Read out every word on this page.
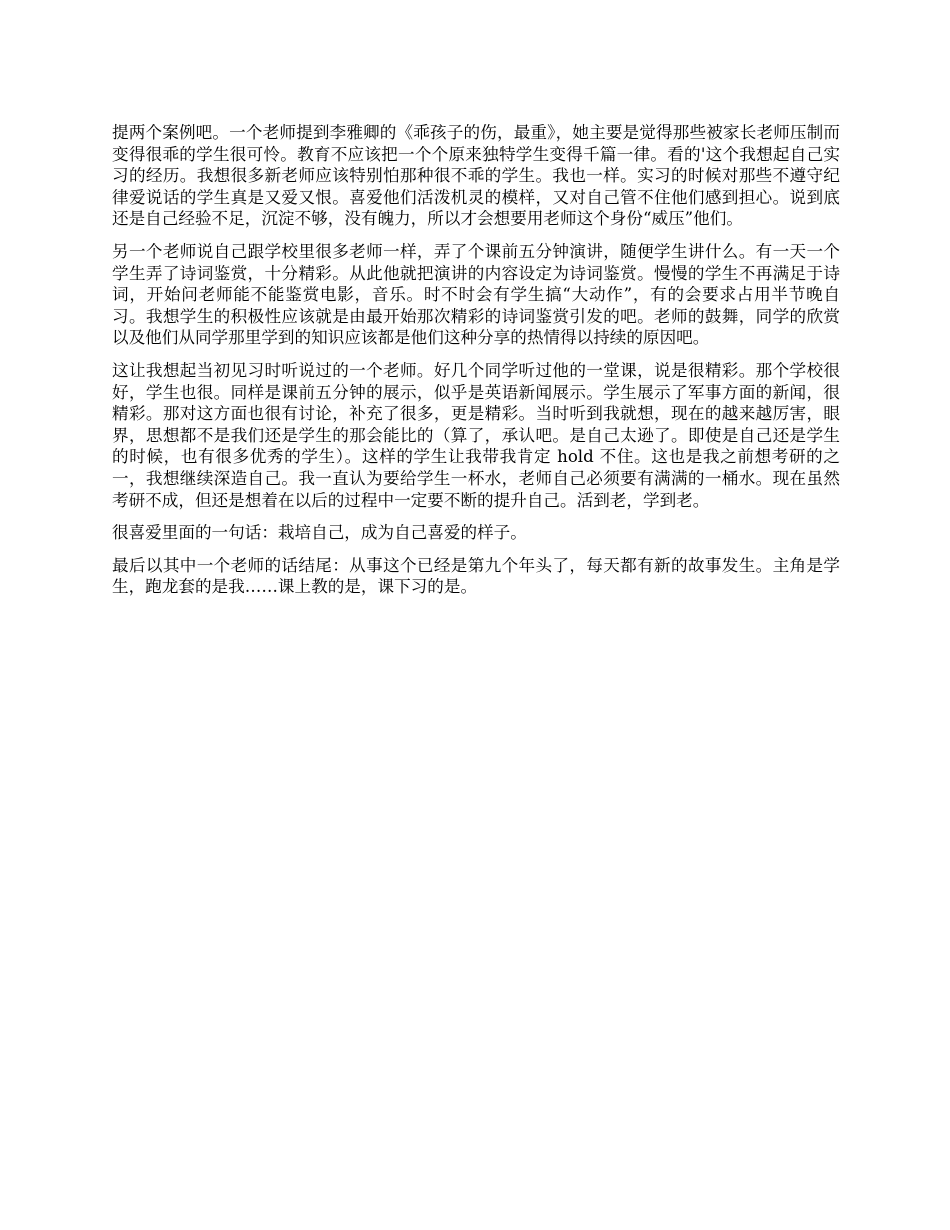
提两个案例吧。一个老师提到李雅卿的《乖孩子的伤，最重》，她主要是觉得那些被家长老师压制而变得很乖的学生很可怜。教育不应该把一个个原来独特学生变得千篇一律。看的'这个我想起自己实习的经历。我想很多新老师应该特别怕那种很不乖的学生。我也一样。实习的时候对那些不遵守纪律爱说话的学生真是又爱又恨。喜爱他们活泼机灵的模样，又对自己管不住他们感到担心。说到底还是自己经验不足，沉淀不够，没有魄力，所以才会想要用老师这个身份“威压”他们。

另一个老师说自己跟学校里很多老师一样，弄了个课前五分钟演讲，随便学生讲什么。有一天一个学生弄了诗词鉴赏，十分精彩。从此他就把演讲的内容设定为诗词鉴赏。慢慢的学生不再满足于诗词，开始问老师能不能鉴赏电影，音乐。时不时会有学生搞“大动作”，有的会要求占用半节晚自习。我想学生的积极性应该就是由最开始那次精彩的诗词鉴赏引发的吧。老师的鼓舞，同学的欣赏以及他们从同学那里学到的知识应该都是他们这种分享的热情得以持续的原因吧。

这让我想起当初见习时听说过的一个老师。好几个同学听过他的一堂课，说是很精彩。那个学校很好，学生也很。同样是课前五分钟的展示，似乎是英语新闻展示。学生展示了军事方面的新闻，很精彩。那对这方面也很有讨论，补充了很多，更是精彩。当时听到我就想，现在的越来越厉害，眼界，思想都不是我们还是学生的那会能比的（算了，承认吧。是自己太逊了。即使是自己还是学生的时候，也有很多优秀的学生）。这样的学生让我带我肯定 hold 不住。这也是我之前想考研的之一，我想继续深造自己。我一直认为要给学生一杯水，老师自己必须要有满满的一桶水。现在虽然考研不成，但还是想着在以后的过程中一定要不断的提升自己。活到老，学到老。

很喜爱里面的一句话：栽培自己，成为自己喜爱的样子。

最后以其中一个老师的话结尾：从事这个已经是第九个年头了，每天都有新的故事发生。主角是学生，跑龙套的是我……课上教的是，课下习的是。
